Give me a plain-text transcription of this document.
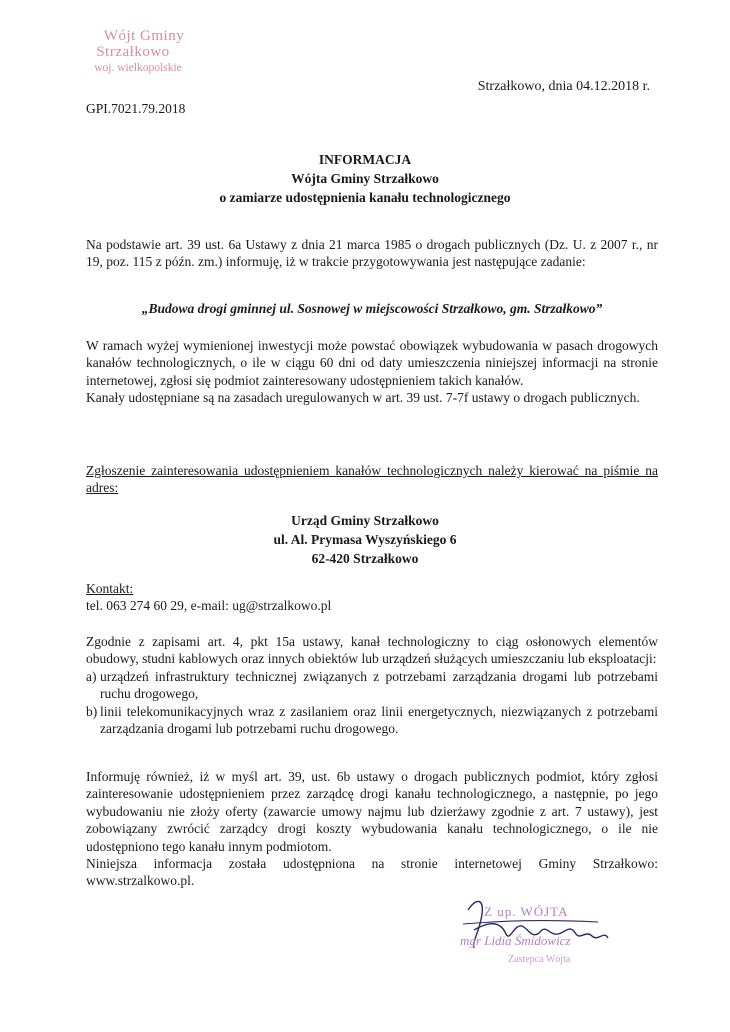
Wójt Gminy
Strzałkowo
woj. wielkopolskie
Strzałkowo, dnia 04.12.2018 r.
GPI.7021.79.2018
INFORMACJA
Wójta Gminy Strzałkowo
o zamiarze udostępnienia kanału technologicznego

Na podstawie art. 39 ust. 6a Ustawy z dnia 21 marca 1985 o drogach publicznych (Dz. U. z 2007 r., nr 19, poz. 115 z późn. zm.) informuję, iż w trakcie przygotowywania jest następujące zadanie:

„Budowa drogi gminnej ul. Sosnowej w miejscowości Strzałkowo, gm. Strzałkowo”

W ramach wyżej wymienionej inwestycji może powstać obowiązek wybudowania w pasach drogowych kanałów technologicznych, o ile w ciągu 60 dni od daty umieszczenia niniejszej informacji na stronie internetowej, zgłosi się podmiot zainteresowany udostępnieniem takich kanałów.

Kanały udostępniane są na zasadach uregulowanych w art. 39 ust. 7-7f ustawy o drogach publicznych.

Zgłoszenie zainteresowania udostępnieniem kanałów technologicznych należy kierować na piśmie na adres:

Urząd Gminy Strzałkowo
ul. Al. Prymasa Wyszyńskiego 6
62-420 Strzałkowo

Kontakt:

tel. 063 274 60 29, e-mail: ug@strzalkowo.pl

Zgodnie z zapisami art. 4, pkt 15a ustawy, kanał technologiczny to ciąg osłonowych elementów obudowy, studni kablowych oraz innych obiektów lub urządzeń służących umieszczaniu lub eksploatacji:

a) urządzeń infrastruktury technicznej związanych z potrzebami zarządzania drogami lub potrzebami ruchu drogowego,
b) linii telekomunikacyjnych wraz z zasilaniem oraz linii energetycznych, niezwiązanych z potrzebami zarządzania drogami lub potrzebami ruchu drogowego.

Informuję również, iż w myśl art. 39, ust. 6b ustawy o drogach publicznych podmiot, który zgłosi zainteresowanie udostępnieniem przez zarządcę drogi kanału technologicznego, a następnie, po jego wybudowaniu nie złoży oferty (zawarcie umowy najmu lub dzierżawy zgodnie z art. 7 ustawy), jest zobowiązany zwrócić zarządcy drogi koszty wybudowania kanału technologicznego, o ile nie udostępniono tego kanału innym podmiotom.

Niniejsza informacja została udostępniona na stronie internetowej Gminy Strzałkowo: www.strzalkowo.pl.

Z up. WÓJTA
mgr Lidia Śmidowicz
Zastepca Wójta
